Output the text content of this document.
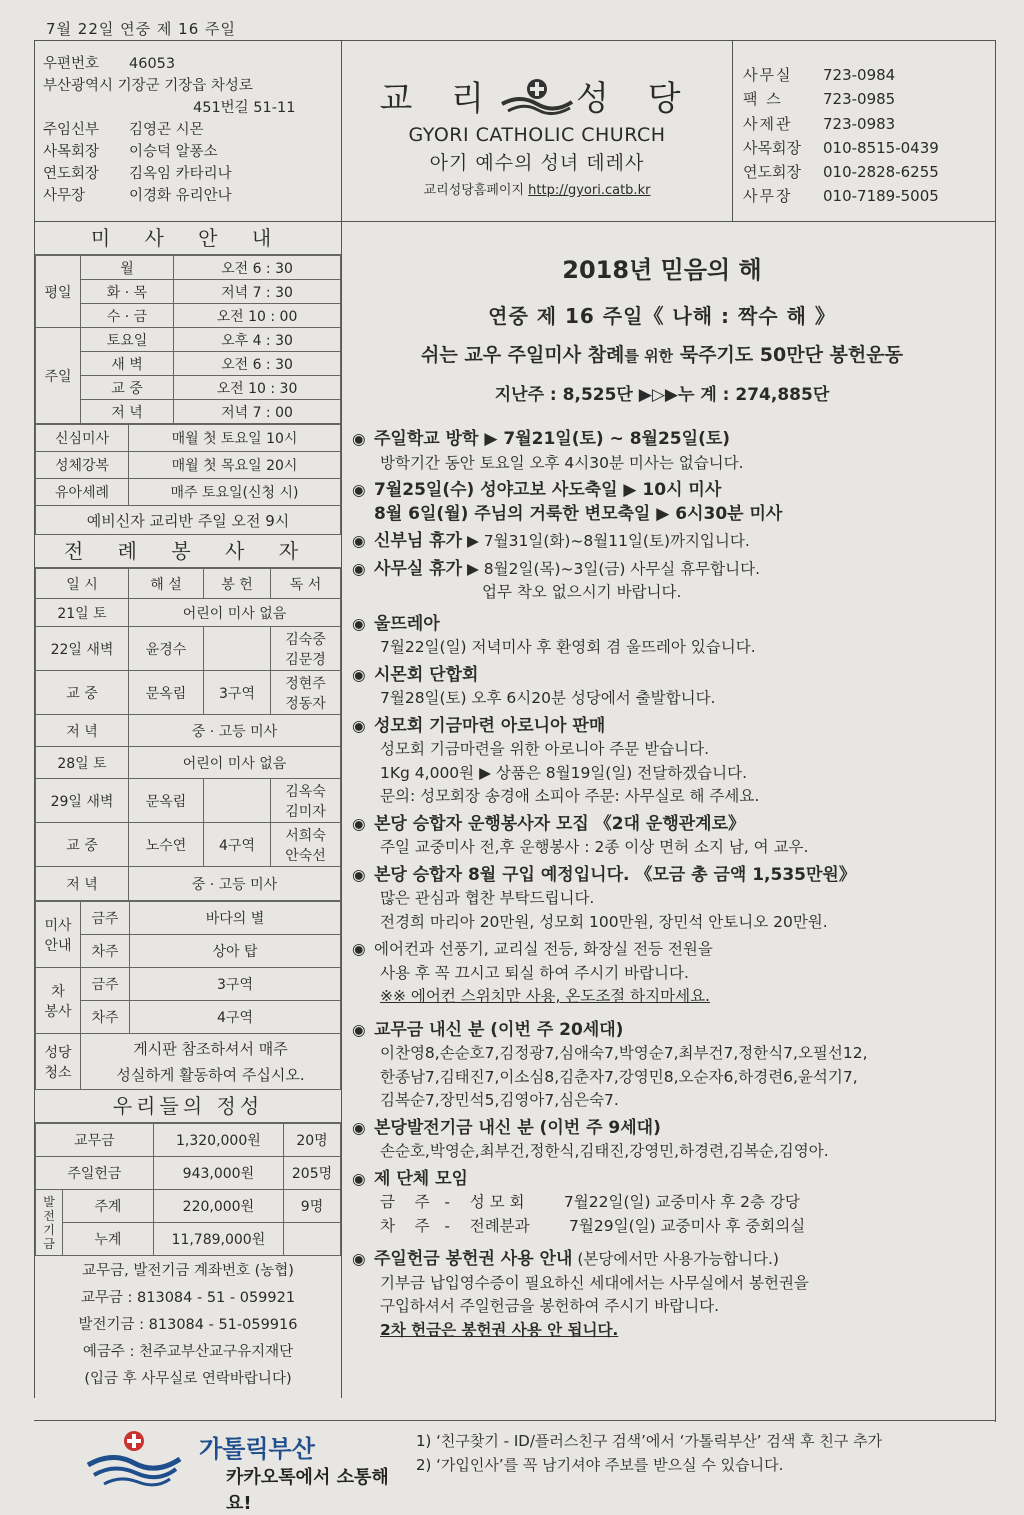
7월 22일 연중 제 16 주일
우편번호 46053
부산광역시 기장군 기장읍 차성로
451번길 51-11
주임신부 김영곤 시몬
사목회장 이승덕 알퐁소
연도회장 김옥임 카타리나
사무장	이경화 유리안나
교 리 성 당
GYORI CATHOLIC CHURCH
아기 예수의 성녀 데레사
교리성당홈페이지 http://gyori.catb.kr
사무실 723-0984
팩 스	723-0985
사제관 723-0983
사목회장 010-8515-0439
연도회장 010-2828-6255
사무장 010-7189-5005
미 사 안 내
평일	월	오전 6 : 30
	화 · 목	저녁 7 : 30
	수 · 금	오전 10 : 00
주일	토요일	오후 4 : 30
	새 벽	오전 6 : 30
	교 중	오전 10 : 30
	저 녁	저녁 7 : 00
신심미사	매월 첫 토요일 10시
성체강복	매월 첫 목요일 20시
유아세례	매주 토요일(신청 시)
예비신자 교리반 주일 오전 9시	
전 례 봉 사 자
일 시	해 설	봉 헌	독 서
21일 토	어린이 미사 없음		
22일 새벽	윤경수		김숙중
김문경
교 중	문옥림	3구역	정현주
정동자
저 녁	중 · 고등 미사		
28일 토	어린이 미사 없음		
29일 새벽	문옥림		김옥숙
김미자
교 중	노수연	4구역	서희숙
안숙선
저 녁	중 · 고등 미사		
미사
안내	금주	바다의 별
	차주	상아 탑
차
봉사	금주	3구역
	차주	4구역
성당
청소	게시판 참조하셔서 매주
성실하게 활동하여 주십시오.	
우리들의 정성
교무금		1,320,000원	20명
주일헌금		943,000원	205명
발
전
기
금	주계	220,000원	9명
	누계	11,789,000원	
교무금, 발전기금 계좌번호 (농협)
교무금 : 813084 - 51 - 059921
발전기금 : 813084 - 51-059916
예금주 : 천주교부산교구유지재단
(입금 후 사무실로 연락바랍니다)
2018년 믿음의 해
연중 제 16 주일《 나해 : 짝수 해 》
쉬는 교우 주일미사 참례를 위한 묵주기도 50만단 봉헌운동
지난주 : 8,525단 ▶▷▶누 계 : 274,885단
◉ 주일학교 방학 ▶ 7월21일(토) ~ 8월25일(토)
방학기간 동안 토요일 오후 4시30분 미사는 없습니다.
◉ 7월25일(수) 성야고보 사도축일 ▶ 10시 미사
8월 6일(월) 주님의 거룩한 변모축일 ▶ 6시30분 미사
◉ 신부님 휴가 ▶ 7월31일(화)~8월11일(토)까지입니다.
◉ 사무실 휴가 ▶ 8월2일(목)~3일(금) 사무실 휴무합니다.
업무 착오 없으시기 바랍니다.
◉ 울뜨레아
7월22일(일) 저녁미사 후 환영회 겸 울뜨레아 있습니다.
◉ 시몬회 단합회
7월28일(토) 오후 6시20분 성당에서 출발합니다.
◉ 성모회 기금마련 아로니아 판매
성모회 기금마련을 위한 아로니아 주문 받습니다.
1Kg 4,000원 ▶ 상품은 8월19일(일) 전달하겠습니다.
문의: 성모회장 송경애 소피아 주문: 사무실로 해 주세요.
◉ 본당 승합자 운행봉사자 모집 《2대 운행관계로》
주일 교중미사 전,후 운행봉사 : 2종 이상 면허 소지 남, 여 교우.
◉ 본당 승합자 8월 구입 예정입니다. 《모금 총 금액 1,535만원》
많은 관심과 협찬 부탁드립니다.
전경희 마리아 20만원, 성모회 100만원, 장민석 안토니오 20만원.
◉ 에어컨과 선풍기, 교리실 전등, 화장실 전등 전원을
사용 후 꼭 끄시고 퇴실 하여 주시기 바랍니다.
※※ 에어컨 스위치만 사용, 온도조절 하지마세요.
◉ 교무금 내신 분 (이번 주 20세대)
이찬영8,손순호7,김정광7,심애숙7,박영순7,최부건7,정한식7,오필선12,
한종남7,김태진7,이소심8,김춘자7,강영민8,오순자6,하경련6,윤석기7,
김복순7,장민석5,김영아7,심은숙7.
◉ 본당발전기금 내신 분 (이번 주 9세대)
손순호,박영순,최부건,정한식,김태진,강영민,하경련,김복순,김영아.
◉ 제 단체 모임
금    주   -    성 모 회        7월22일(일) 교중미사 후 2층 강당
차    주   -    전례분과        7월29일(일) 교중미사 후 중회의실
◉ 주일헌금 봉헌권 사용 안내 (본당에서만 사용가능합니다.)
기부금 납입영수증이 필요하신 세대에서는 사무실에서 봉헌권을
구입하셔서 주일헌금을 봉헌하여 주시기 바랍니다.
2차 헌금은 봉헌권 사용 안 됩니다.
가톨릭부산
카카오톡에서 소통해요!
1) ‘친구찾기 - ID/플러스친구 검색’에서 ‘가톨릭부산’ 검색 후 친구 추가
2) ‘가입인사’를 꼭 남기셔야 주보를 받으실 수 있습니다.
